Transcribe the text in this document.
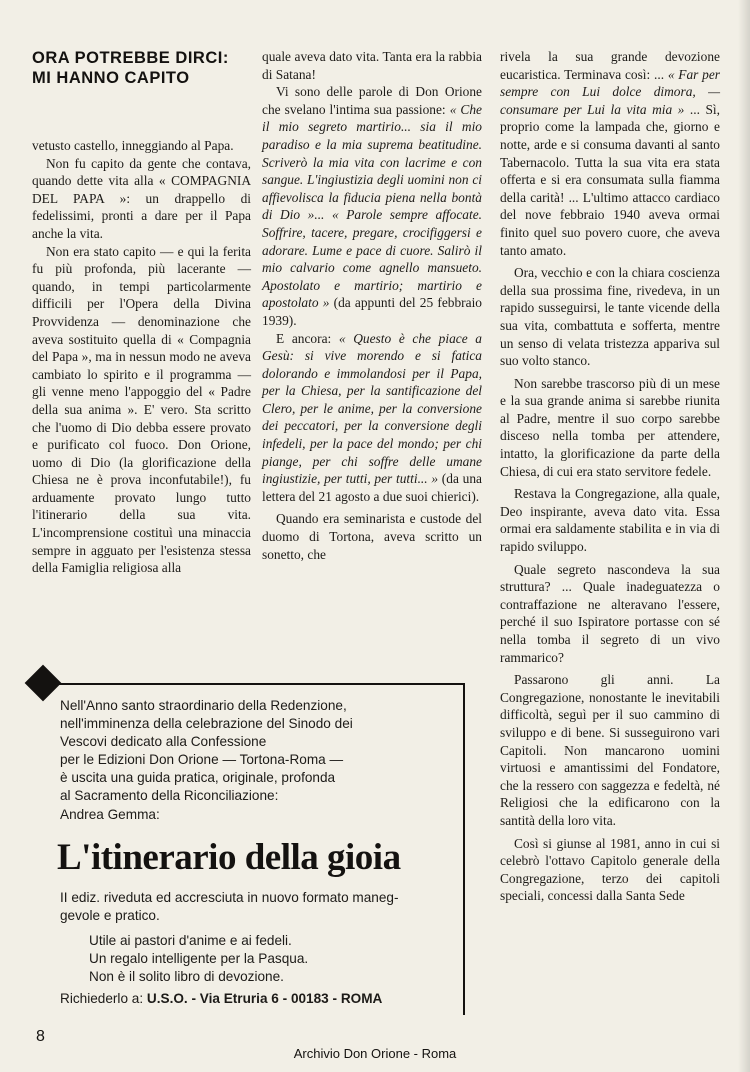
ORA POTREBBE DIRCI:
MI HANNO CAPITO

vetusto castello, inneggiando al Papa.

Non fu capito da gente che contava, quando dette vita alla « COMPAGNIA DEL PAPA »: un drappello di fedelissimi, pronti a dare per il Papa anche la vita.

Non era stato capito — e qui la ferita fu più profonda, più lacerante — quando, in tempi particolarmente difficili per l'Opera della Divina Provvidenza — denominazione che aveva sostituito quella di « Compagnia del Papa », ma in nessun modo ne aveva cambiato lo spirito e il programma — gli venne meno l'appoggio del « Padre della sua anima ». E' vero. Sta scritto che l'uomo di Dio debba essere provato e purificato col fuoco. Don Orione, uomo di Dio (la glorificazione della Chiesa ne è prova inconfutabile!), fu arduamente provato lungo tutto l'itinerario della sua vita. L'incomprensione costituì una minaccia sempre in agguato per l'esistenza stessa della Famiglia religiosa alla

quale aveva dato vita. Tanta era la rabbia di Satana!

Vi sono delle parole di Don Orione che svelano l'intima sua passione: « Che il mio segreto martirio... sia il mio paradiso e la mia suprema beatitudine. Scriverò la mia vita con lacrime e con sangue. L'ingiustizia degli uomini non ci affievolisca la fiducia piena nella bontà di Dio »... « Parole sempre affocate. Soffrire, tacere, pregare, crocifiggersi e adorare. Lume e pace di cuore. Salirò il mio calvario come agnello mansueto. Apostolato e martirio; martirio e apostolato » (da appunti del 25 febbraio 1939).

E ancora: « Questo è che piace a Gesù: si vive morendo e si fatica dolorando e immolandosi per il Papa, per la Chiesa, per la santificazione del Clero, per le anime, per la conversione dei peccatori, per la conversione degli infedeli, per la pace del mondo; per chi piange, per chi soffre delle umane ingiustizie, per tutti, per tutti... » (da una lettera del 21 agosto a due suoi chierici).

Quando era seminarista e custode del duomo di Tortona, aveva scritto un sonetto, che

rivela la sua grande devozione eucaristica. Terminava così: ... « Far per sempre con Lui dolce dimora, — consumare per Lui la vita mia » ... Sì, proprio come la lampada che, giorno e notte, arde e si consuma davanti al santo Tabernacolo. Tutta la sua vita era stata offerta e si era consumata sulla fiamma della carità! ... L'ultimo attacco cardiaco del nove febbraio 1940 aveva ormai finito quel suo povero cuore, che aveva tanto amato.

Ora, vecchio e con la chiara coscienza della sua prossima fine, rivedeva, in un rapido susseguirsi, le tante vicende della sua vita, combattuta e sofferta, mentre un senso di velata tristezza appariva sul suo volto stanco.

Non sarebbe trascorso più di un mese e la sua grande anima si sarebbe riunita al Padre, mentre il suo corpo sarebbe disceso nella tomba per attendere, intatto, la glorificazione da parte della Chiesa, di cui era stato servitore fedele.

Restava la Congregazione, alla quale, Deo inspirante, aveva dato vita. Essa ormai era saldamente stabilita e in via di rapido sviluppo.

Quale segreto nascondeva la sua struttura? ... Quale inadeguatezza o contraffazione ne alteravano l'essere, perché il suo Ispiratore portasse con sé nella tomba il segreto di un vivo rammarico?

Passarono gli anni. La Congregazione, nonostante le inevitabili difficoltà, seguì per il suo cammino di sviluppo e di bene. Si susseguirono vari Capitoli. Non mancarono uomini virtuosi e amantissimi del Fondatore, che la ressero con saggezza e fedeltà, né Religiosi che la edificarono con la santità della loro vita.

Così si giunse al 1981, anno in cui si celebrò l'ottavo Capitolo generale della Congregazione, terzo dei capitoli speciali, concessi dalla Santa Sede

Nell'Anno santo straordinario della Redenzione,
nell'imminenza della celebrazione del Sinodo dei
Vescovi dedicato alla Confessione
per le Edizioni Don Orione — Tortona-Roma —
è uscita una guida pratica, originale, profonda
al Sacramento della Riconciliazione:
Andrea Gemma:
L'itinerario della gioia
II ediz. riveduta ed accresciuta in nuovo formato maneg-
gevole e pratico.
Utile ai pastori d'anime e ai fedeli.
Un regalo intelligente per la Pasqua.
Non è il solito libro di devozione.
Richiederlo a: U.S.O. - Via Etruria 6 - 00183 - ROMA
8
Archivio Don Orione - Roma
